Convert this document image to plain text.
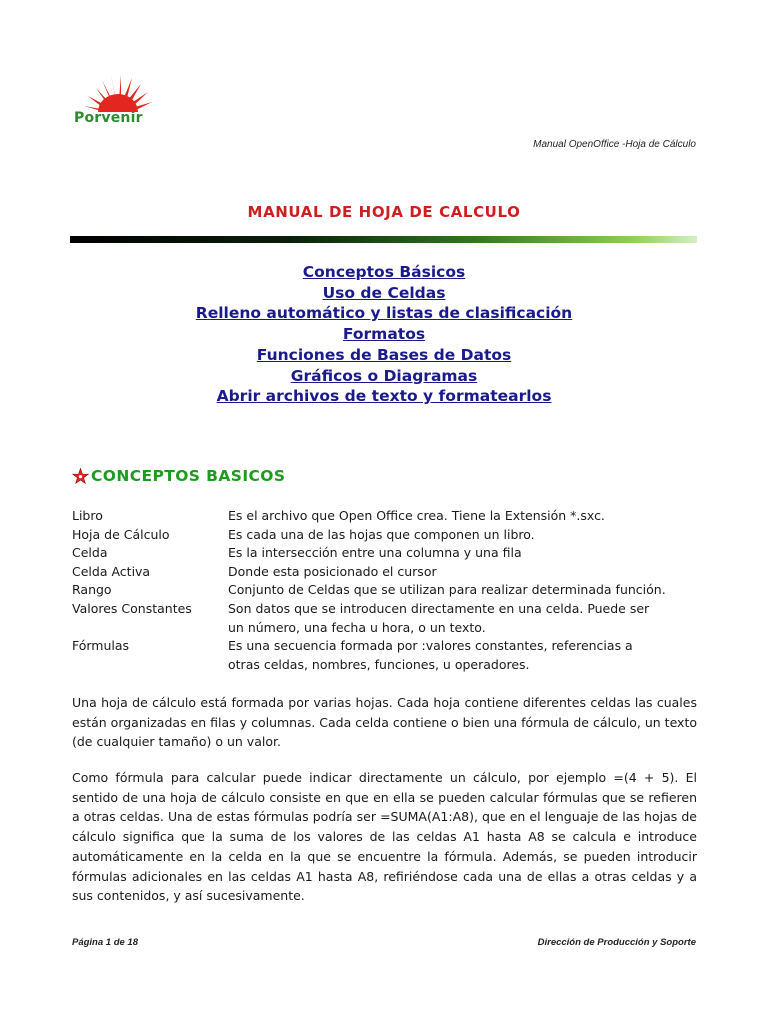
Porvenir
Manual OpenOffice -Hoja de Cálculo
MANUAL DE HOJA DE CALCULO
Conceptos Básicos
Uso de Celdas
Relleno automático y listas de clasificación
Formatos
Funciones de Bases de Datos
Gráficos o Diagramas
Abrir archivos de texto y formatearlos
CONCEPTOS BASICOS
Libro	Es el archivo que Open Office crea. Tiene la Extensión *.sxc.
Hoja de Cálculo	Es cada una de las hojas que componen un libro.
Celda	Es la intersección entre una columna y una fila
Celda Activa	Donde esta posicionado el cursor
Rango	Conjunto de Celdas que se utilizan para realizar determinada función.
Valores Constantes	Son datos que se introducen directamente en una celda. Puede ser un número, una fecha u hora, o un texto.
Fórmulas	Es una secuencia formada por :valores constantes, referencias a otras celdas, nombres, funciones, u operadores.

Una hoja de cálculo está formada por varias hojas. Cada hoja contiene diferentes celdas las cuales están organizadas en filas y columnas. Cada celda contiene o bien una fórmula de cálculo, un texto (de cualquier tamaño) o un valor.

Como fórmula para calcular puede indicar directamente un cálculo, por ejemplo =(4 + 5). El sentido de una hoja de cálculo consiste en que en ella se pueden calcular fórmulas que se refieren a otras celdas. Una de estas fórmulas podría ser =SUMA(A1:A8), que en el lenguaje de las hojas de cálculo significa que la suma de los valores de las celdas A1 hasta A8 se calcula e introduce automáticamente en la celda en la que se encuentre la fórmula. Además, se pueden introducir fórmulas adicionales en las celdas A1 hasta A8, refiriéndose cada una de ellas a otras celdas y a sus contenidos, y así sucesivamente.

Página 1 de 18	Dirección de Producción y Soporte
